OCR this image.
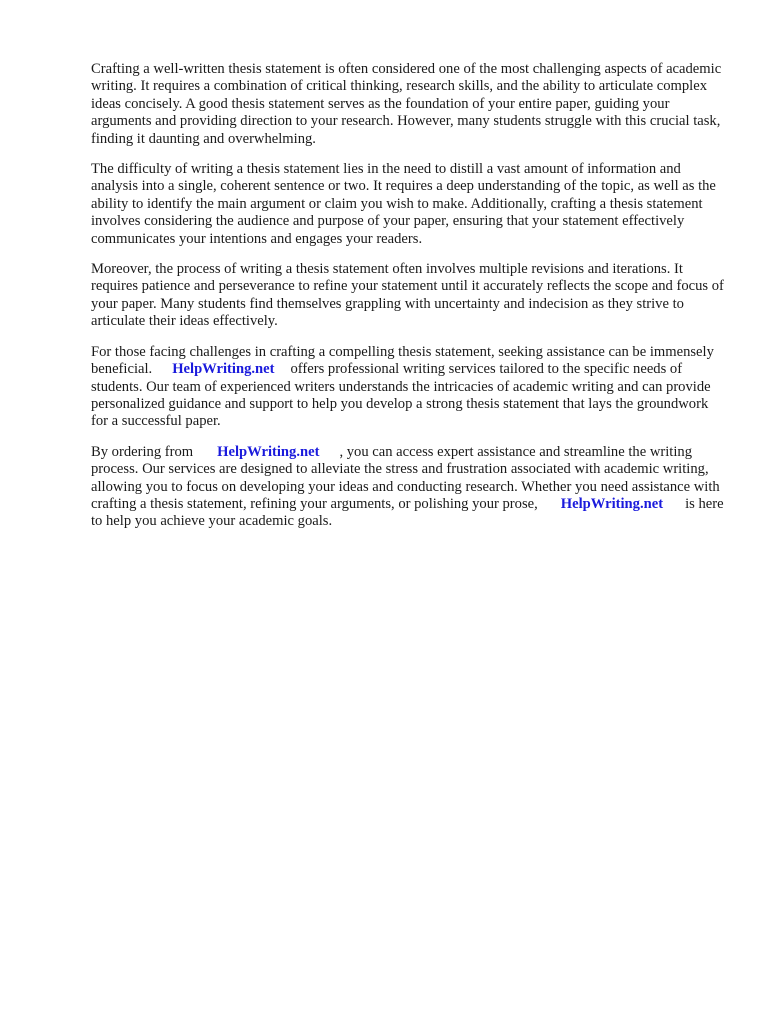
Crafting a well-written thesis statement is often considered one of the most challenging aspects of academic writing. It requires a combination of critical thinking, research skills, and the ability to articulate complex ideas concisely. A good thesis statement serves as the foundation of your entire paper, guiding your arguments and providing direction to your research. However, many students struggle with this crucial task, finding it daunting and overwhelming.

The difficulty of writing a thesis statement lies in the need to distill a vast amount of information and analysis into a single, coherent sentence or two. It requires a deep understanding of the topic, as well as the ability to identify the main argument or claim you wish to make. Additionally, crafting a thesis statement involves considering the audience and purpose of your paper, ensuring that your statement effectively communicates your intentions and engages your readers.

Moreover, the process of writing a thesis statement often involves multiple revisions and iterations. It requires patience and perseverance to refine your statement until it accurately reflects the scope and focus of your paper. Many students find themselves grappling with uncertainty and indecision as they strive to articulate their ideas effectively.

For those facing challenges in crafting a compelling thesis statement, seeking assistance can be immensely beneficial. HelpWriting.net offers professional writing services tailored to the specific needs of students. Our team of experienced writers understands the intricacies of academic writing and can provide personalized guidance and support to help you develop a strong thesis statement that lays the groundwork for a successful paper.

By ordering from HelpWriting.net , you can access expert assistance and streamline the writing process. Our services are designed to alleviate the stress and frustration associated with academic writing, allowing you to focus on developing your ideas and conducting research. Whether you need assistance with crafting a thesis statement, refining your arguments, or polishing your prose, HelpWriting.net is here to help you achieve your academic goals.
